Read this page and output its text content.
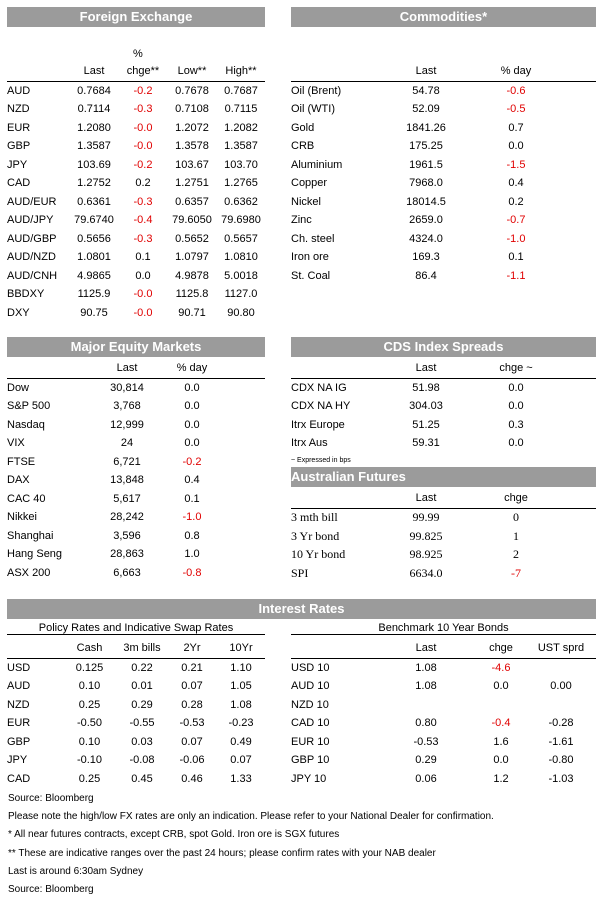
Foreign Exchange	Commodities*
Major Equity Markets	CDS Index Spreads
Australian Futures
Interest Rates
%
	Last	chge**	Low**	High**
AUD	0.7684	-0.2	0.7678	0.7687
NZD	0.7114	-0.3	0.7108	0.7115
EUR	1.2080	-0.0	1.2072	1.2082
GBP	1.3587	-0.0	1.3578	1.3587
JPY	103.69	-0.2	103.67	103.70
CAD	1.2752	0.2	1.2751	1.2765
AUD/EUR	0.6361	-0.3	0.6357	0.6362
AUD/JPY	79.6740	-0.4	79.6050	79.6980
AUD/GBP	0.5656	-0.3	0.5652	0.5657
AUD/NZD	1.0801	0.1	1.0797	1.0810
AUD/CNH	4.9865	0.0	4.9878	5.0018
BBDXY	1125.9	-0.0	1125.8	1127.0
DXY	90.75	-0.0	90.71	90.80
	Last	% day	
Oil (Brent)	54.78	-0.6	
Oil (WTI)	52.09	-0.5	
Gold	1841.26	0.7	
CRB	175.25	0.0	
Aluminium	1961.5	-1.5	
Copper	7968.0	0.4	
Nickel	18014.5	0.2	
Zinc	2659.0	-0.7	
Ch. steel	4324.0	-1.0	
Iron ore	169.3	0.1	
St. Coal	86.4	-1.1	
	Last	% day	
Dow	30,814	0.0	
S&P 500	3,768	0.0	
Nasdaq	12,999	0.0	
VIX	24	0.0	
FTSE	6,721	-0.2	
DAX	13,848	0.4	
CAC 40	5,617	0.1	
Nikkei	28,242	-1.0	
Shanghai	3,596	0.8	
Hang Seng	28,863	1.0	
ASX 200	6,663	-0.8	
	Last	chge ~	
CDX NA IG	51.98	0.0	
CDX NA HY	304.03	0.0	
Itrx Europe	51.25	0.3	
Itrx Aus	59.31	0.0	
~ Expressed in bps
	Last	chge	
3 mth bill	99.99	0	
3 Yr bond	99.825	1	
10 Yr bond	98.925	2	
SPI	6634.0	-7	
Policy Rates and Indicative Swap Rates	Benchmark 10 Year Bonds
	Cash	3m bills	2Yr	10Yr
USD	0.125	0.22	0.21	1.10
AUD	0.10	0.01	0.07	1.05
NZD	0.25	0.29	0.28	1.08
EUR	-0.50	-0.55	-0.53	-0.23
GBP	0.10	0.03	0.07	0.49
JPY	-0.10	-0.08	-0.06	0.07
CAD	0.25	0.45	0.46	1.33
	Last	chge	UST sprd
USD 10	1.08	-4.6	
AUD 10	1.08	0.0	0.00
NZD 10			
CAD 10	0.80	-0.4	-0.28
EUR 10	-0.53	1.6	-1.61
GBP 10	0.29	0.0	-0.80
JPY 10	0.06	1.2	-1.03
Source: Bloomberg
Please note the high/low FX rates are only an indication. Please refer to your National Dealer for confirmation.
* All near futures contracts, except CRB, spot Gold. Iron ore is SGX futures
** These are indicative ranges over the past 24 hours; please confirm rates with your NAB dealer
Last is around 6:30am Sydney
Source: Bloomberg
